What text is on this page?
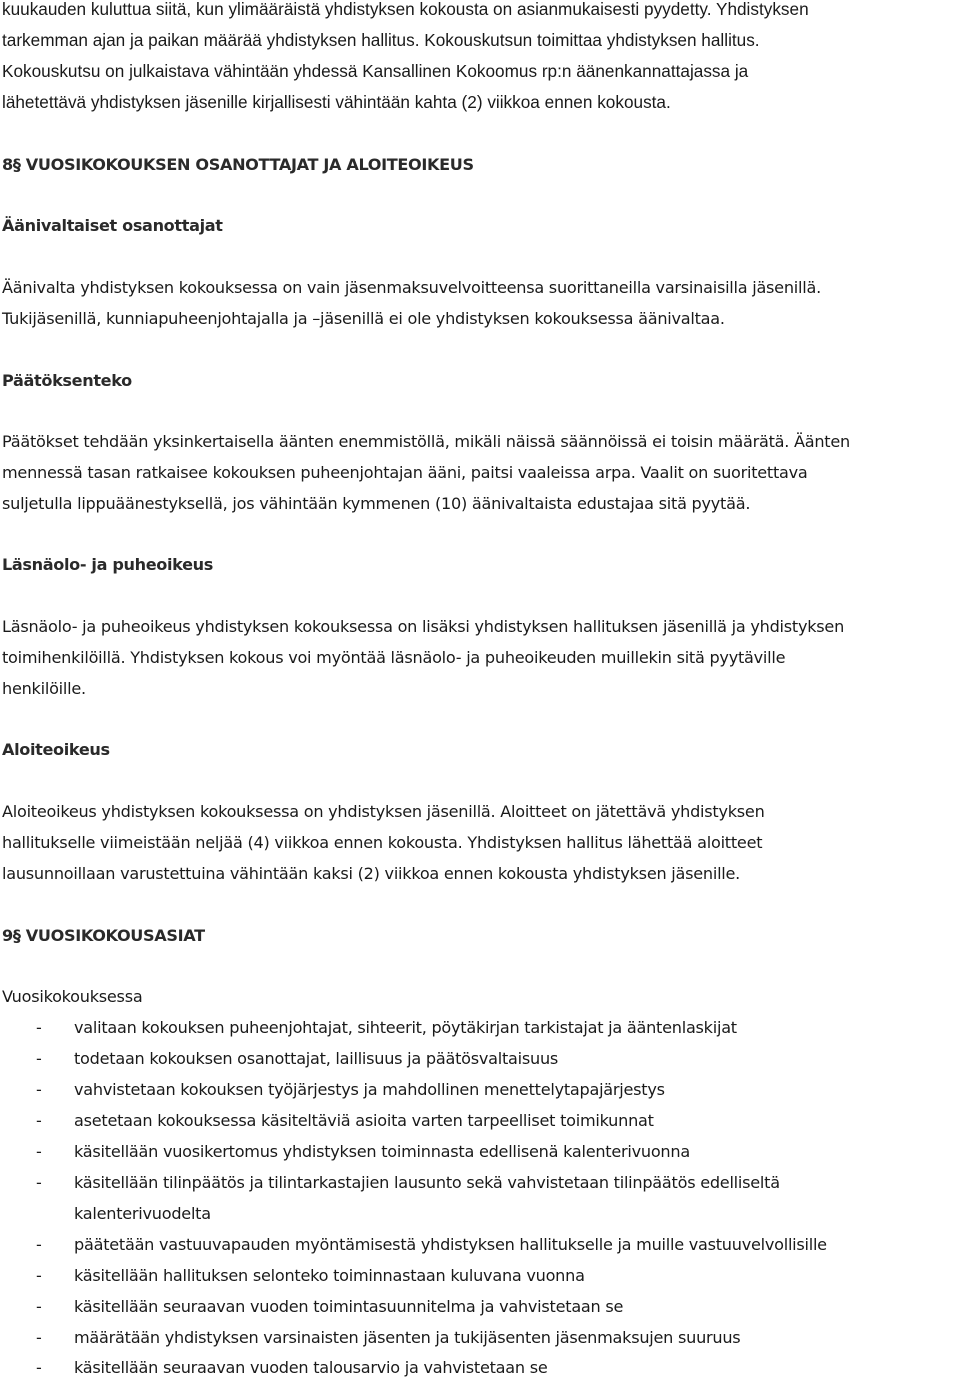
kuukauden kuluttua siitä, kun ylimääräistä yhdistyksen kokousta on asianmukaisesti pyydetty. Yhdistyksen
tarkemman ajan ja paikan määrää yhdistyksen hallitus. Kokouskutsun toimittaa yhdistyksen hallitus.
Kokouskutsu on julkaistava vähintään yhdessä Kansallinen Kokoomus rp:n äänenkannattajassa ja
lähetettävä yhdistyksen jäsenille kirjallisesti vähintään kahta (2) viikkoa ennen kokousta.
8§ VUOSIKOKOUKSEN OSANOTTAJAT JA ALOITEOIKEUS
Äänivaltaiset osanottajat
Äänivalta yhdistyksen kokouksessa on vain jäsenmaksuvelvoitteensa suorittaneilla varsinaisilla jäsenillä.
Tukijäsenillä, kunniapuheenjohtajalla ja –jäsenillä ei ole yhdistyksen kokouksessa äänivaltaa.
Päätöksenteko
Päätökset tehdään yksinkertaisella äänten enemmistöllä, mikäli näissä säännöissä ei toisin määrätä. Äänten
mennessä tasan ratkaisee kokouksen puheenjohtajan ääni, paitsi vaaleissa arpa. Vaalit on suoritettava
suljetulla lippuäänestyksellä, jos vähintään kymmenen (10) äänivaltaista edustajaa sitä pyytää.
Läsnäolo- ja puheoikeus
Läsnäolo- ja puheoikeus yhdistyksen kokouksessa on lisäksi yhdistyksen hallituksen jäsenillä ja yhdistyksen
toimihenkilöillä. Yhdistyksen kokous voi myöntää läsnäolo- ja puheoikeuden muillekin sitä pyytäville
henkilöille.
Aloiteoikeus
Aloiteoikeus yhdistyksen kokouksessa on yhdistyksen jäsenillä. Aloitteet on jätettävä yhdistyksen
hallitukselle viimeistään neljää (4) viikkoa ennen kokousta. Yhdistyksen hallitus lähettää aloitteet
lausunnoillaan varustettuina vähintään kaksi (2) viikkoa ennen kokousta yhdistyksen jäsenille.
9§ VUOSIKOKOUSASIAT
Vuosikokouksessa
- valitaan kokouksen puheenjohtajat, sihteerit, pöytäkirjan tarkistajat ja ääntenlaskijat
- todetaan kokouksen osanottajat, laillisuus ja päätösvaltaisuus
- vahvistetaan kokouksen työjärjestys ja mahdollinen menettelytapajärjestys
- asetetaan kokouksessa käsiteltäviä asioita varten tarpeelliset toimikunnat
- käsitellään vuosikertomus yhdistyksen toiminnasta edellisenä kalenterivuonna
- käsitellään tilinpäätös ja tilintarkastajien lausunto sekä vahvistetaan tilinpäätös edelliseltä
kalenterivuodelta
- päätetään vastuuvapauden myöntämisestä yhdistyksen hallitukselle ja muille vastuuvelvollisille
- käsitellään hallituksen selonteko toiminnastaan kuluvana vuonna
- käsitellään seuraavan vuoden toimintasuunnitelma ja vahvistetaan se
- määrätään yhdistyksen varsinaisten jäsenten ja tukijäsenten jäsenmaksujen suuruus
- käsitellään seuraavan vuoden talousarvio ja vahvistetaan se
